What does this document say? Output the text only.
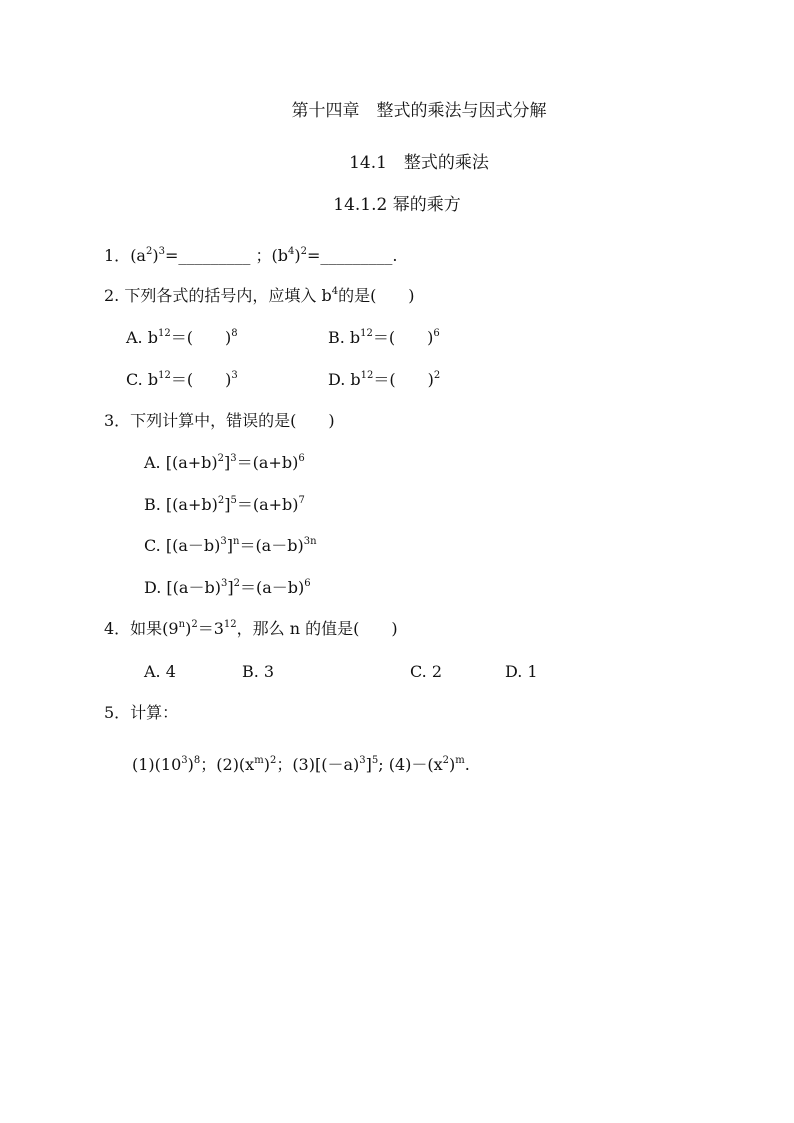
第十四章　整式的乘法与因式分解
14.1　整式的乘法
14.1.2 幂的乘方
1．$(a^2)^3=\_\_\_\_\_\_\_\_\_$ ；$(b^4)^2=\_\_\_\_\_\_\_\_\_$.
2. 下列各式的括号内，应填入 $b^4$的是(　　)
A. $b^{12}=$(　　)$^8$	B. $b^{12}=$(　　)$^6$
C. $b^{12}=$(　　)$^3$	D. $b^{12}=$(　　)$^2$
3．下列计算中，错误的是(　　)
A. $[(a+b)^2]^3=(a+b)^6$
B. $[(a+b)^2]^5=(a+b)^7$
C. $[(a-b)^3]^n=(a-b)^{3n}$
D. $[(a-b)^3]^2=(a-b)^6$
4．如果$(9^n)^2=3^{12}$，那么 n 的值是(　　)
A. 4	B. 3	C. 2	D. 1
5．计算：
$(1)(10^3)^8$；$(2)(x^m)^2$；$(3)[(-a)^3]^5$; $(4)-(x^2)^m$.
